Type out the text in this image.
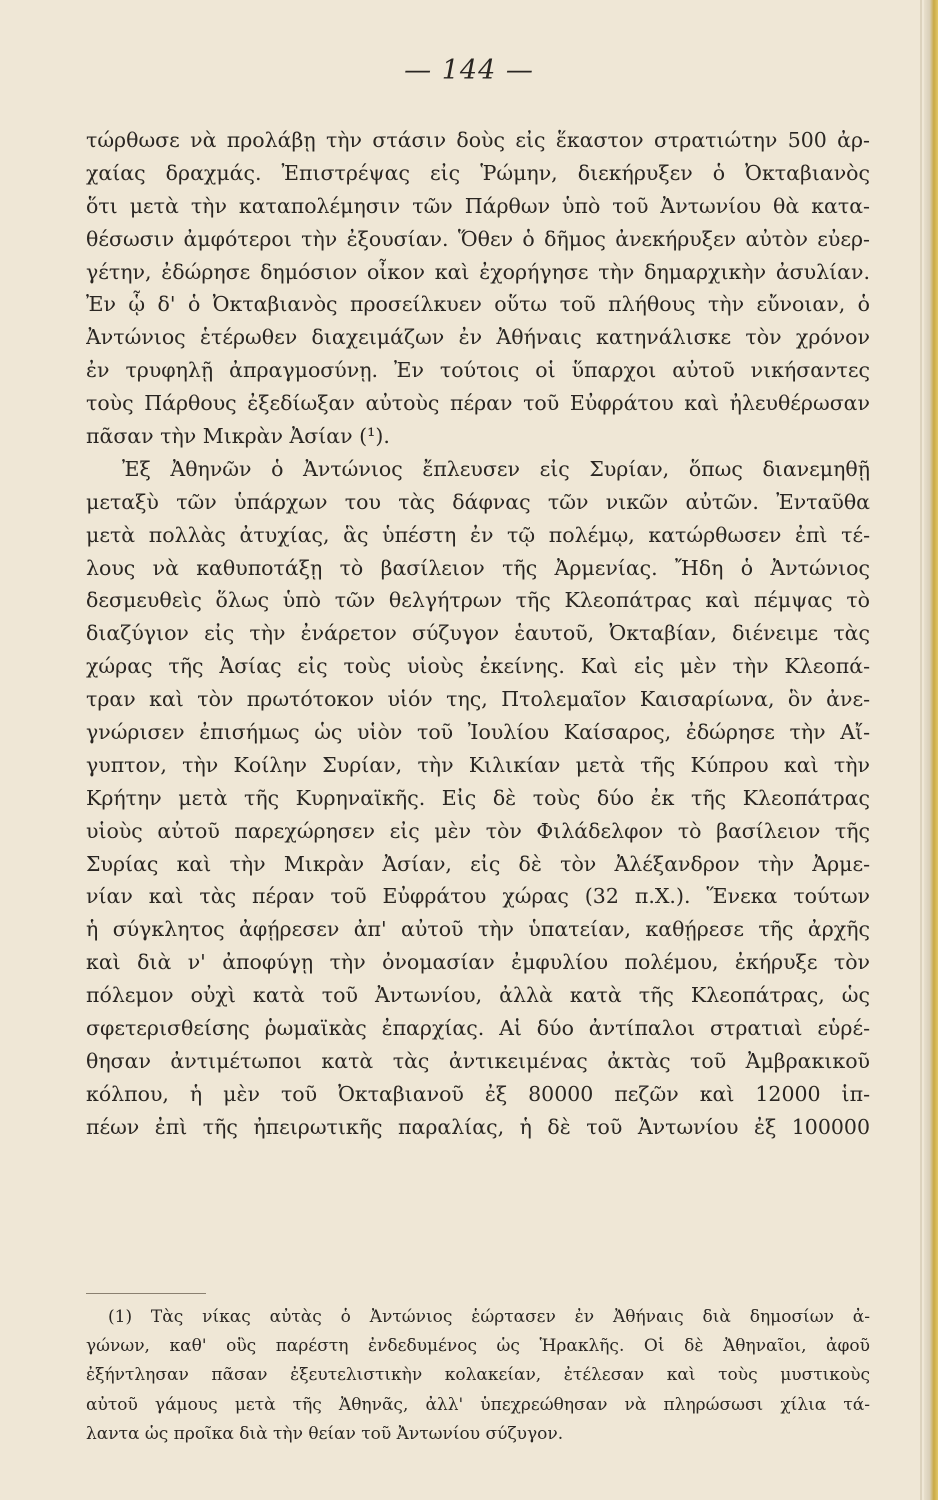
— 144 —
τώρθωσε νὰ προλάβῃ τὴν στάσιν δοὺς εἰς ἕκαστον στρατιώτην 500 ἀρ-
χαίας δραχμάς. Ἐπιστρέψας εἰς Ῥώμην, διεκήρυξεν ὁ Ὀκταβιανὸς
ὅτι μετὰ τὴν καταπολέμησιν τῶν Πάρθων ὑπὸ τοῦ Ἀντωνίου θὰ κατα-
θέσωσιν ἀμφότεροι τὴν ἐξουσίαν. Ὅθεν ὁ δῆμος ἀνεκήρυξεν αὐτὸν εὐερ-
γέτην, ἐδώρησε δημόσιον οἶκον καὶ ἐχορήγησε τὴν δημαρχικὴν ἀσυλίαν.
Ἐν ᾧ δ' ὁ Ὀκταβιανὸς προσείλκυεν οὕτω τοῦ πλήθους τὴν εὔνοιαν, ὁ
Ἀντώνιος ἑτέρωθεν διαχειμάζων ἐν Ἀθήναις κατηνάλισκε τὸν χρόνον
ἐν τρυφηλῇ ἀπραγμοσύνῃ. Ἐν τούτοις οἱ ὕπαρχοι αὐτοῦ νικήσαντες
τοὺς Πάρθους ἐξεδίωξαν αὐτοὺς πέραν τοῦ Εὐφράτου καὶ ἠλευθέρωσαν
πᾶσαν τὴν Μικρὰν Ἀσίαν (¹).
Ἐξ Ἀθηνῶν ὁ Ἀντώνιος ἔπλευσεν εἰς Συρίαν, ὅπως διανεμηθῇ
μεταξὺ τῶν ὑπάρχων του τὰς δάφνας τῶν νικῶν αὐτῶν. Ἐνταῦθα
μετὰ πολλὰς ἀτυχίας, ἃς ὑπέστη ἐν τῷ πολέμῳ, κατώρθωσεν ἐπὶ τέ-
λους νὰ καθυποτάξῃ τὸ βασίλειον τῆς Ἀρμενίας. Ἤδη ὁ Ἀντώνιος
δεσμευθεὶς ὅλως ὑπὸ τῶν θελγήτρων τῆς Κλεοπάτρας καὶ πέμψας τὸ
διαζύγιον εἰς τὴν ἐνάρετον σύζυγον ἑαυτοῦ, Ὀκταβίαν, διένειμε τὰς
χώρας τῆς Ἀσίας εἰς τοὺς υἱοὺς ἐκείνης. Καὶ εἰς μὲν τὴν Κλεοπά-
τραν καὶ τὸν πρωτότοκον υἱόν της, Πτολεμαῖον Καισαρίωνα, ὃν ἀνε-
γνώρισεν ἐπισήμως ὡς υἱὸν τοῦ Ἰουλίου Καίσαρος, ἐδώρησε τὴν Αἴ-
γυπτον, τὴν Κοίλην Συρίαν, τὴν Κιλικίαν μετὰ τῆς Κύπρου καὶ τὴν
Κρήτην μετὰ τῆς Κυρηναϊκῆς. Εἰς δὲ τοὺς δύο ἐκ τῆς Κλεοπάτρας
υἱοὺς αὐτοῦ παρεχώρησεν εἰς μὲν τὸν Φιλάδελφον τὸ βασίλειον τῆς
Συρίας καὶ τὴν Μικρὰν Ἀσίαν, εἰς δὲ τὸν Ἀλέξανδρον τὴν Ἀρμε-
νίαν καὶ τὰς πέραν τοῦ Εὐφράτου χώρας (32 π.Χ.). Ἕνεκα τούτων
ἡ σύγκλητος ἀφῄρεσεν ἀπ' αὐτοῦ τὴν ὑπατείαν, καθῄρεσε τῆς ἀρχῆς
καὶ διὰ ν' ἀποφύγῃ τὴν ὀνομασίαν ἐμφυλίου πολέμου, ἐκήρυξε τὸν
πόλεμον οὐχὶ κατὰ τοῦ Ἀντωνίου, ἀλλὰ κατὰ τῆς Κλεοπάτρας, ὡς
σφετερισθείσης ῥωμαϊκὰς ἐπαρχίας. Αἱ δύο ἀντίπαλοι στρατιαὶ εὑρέ-
θησαν ἀντιμέτωποι κατὰ τὰς ἀντικειμένας ἀκτὰς τοῦ Ἀμβρακικοῦ
κόλπου, ἡ μὲν τοῦ Ὀκταβιανοῦ ἐξ 80000 πεζῶν καὶ 12000 ἱπ-
πέων ἐπὶ τῆς ἠπειρωτικῆς παραλίας, ἡ δὲ τοῦ Ἀντωνίου ἐξ 100000
(1) Τὰς νίκας αὐτὰς ὁ Ἀντώνιος ἑώρτασεν ἐν Ἀθήναις διὰ δημοσίων ἀ-
γώνων, καθ' οὓς παρέστη ἐνδεδυμένος ὡς Ἡρακλῆς. Οἱ δὲ Ἀθηναῖοι, ἀφοῦ
ἐξήντλησαν πᾶσαν ἐξευτελιστικὴν κολακείαν, ἐτέλεσαν καὶ τοὺς μυστικοὺς
αὐτοῦ γάμους μετὰ τῆς Ἀθηνᾶς, ἀλλ' ὑπεχρεώθησαν νὰ πληρώσωσι χίλια τά-
λαντα ὡς προῖκα διὰ τὴν θείαν τοῦ Ἀντωνίου σύζυγον.
